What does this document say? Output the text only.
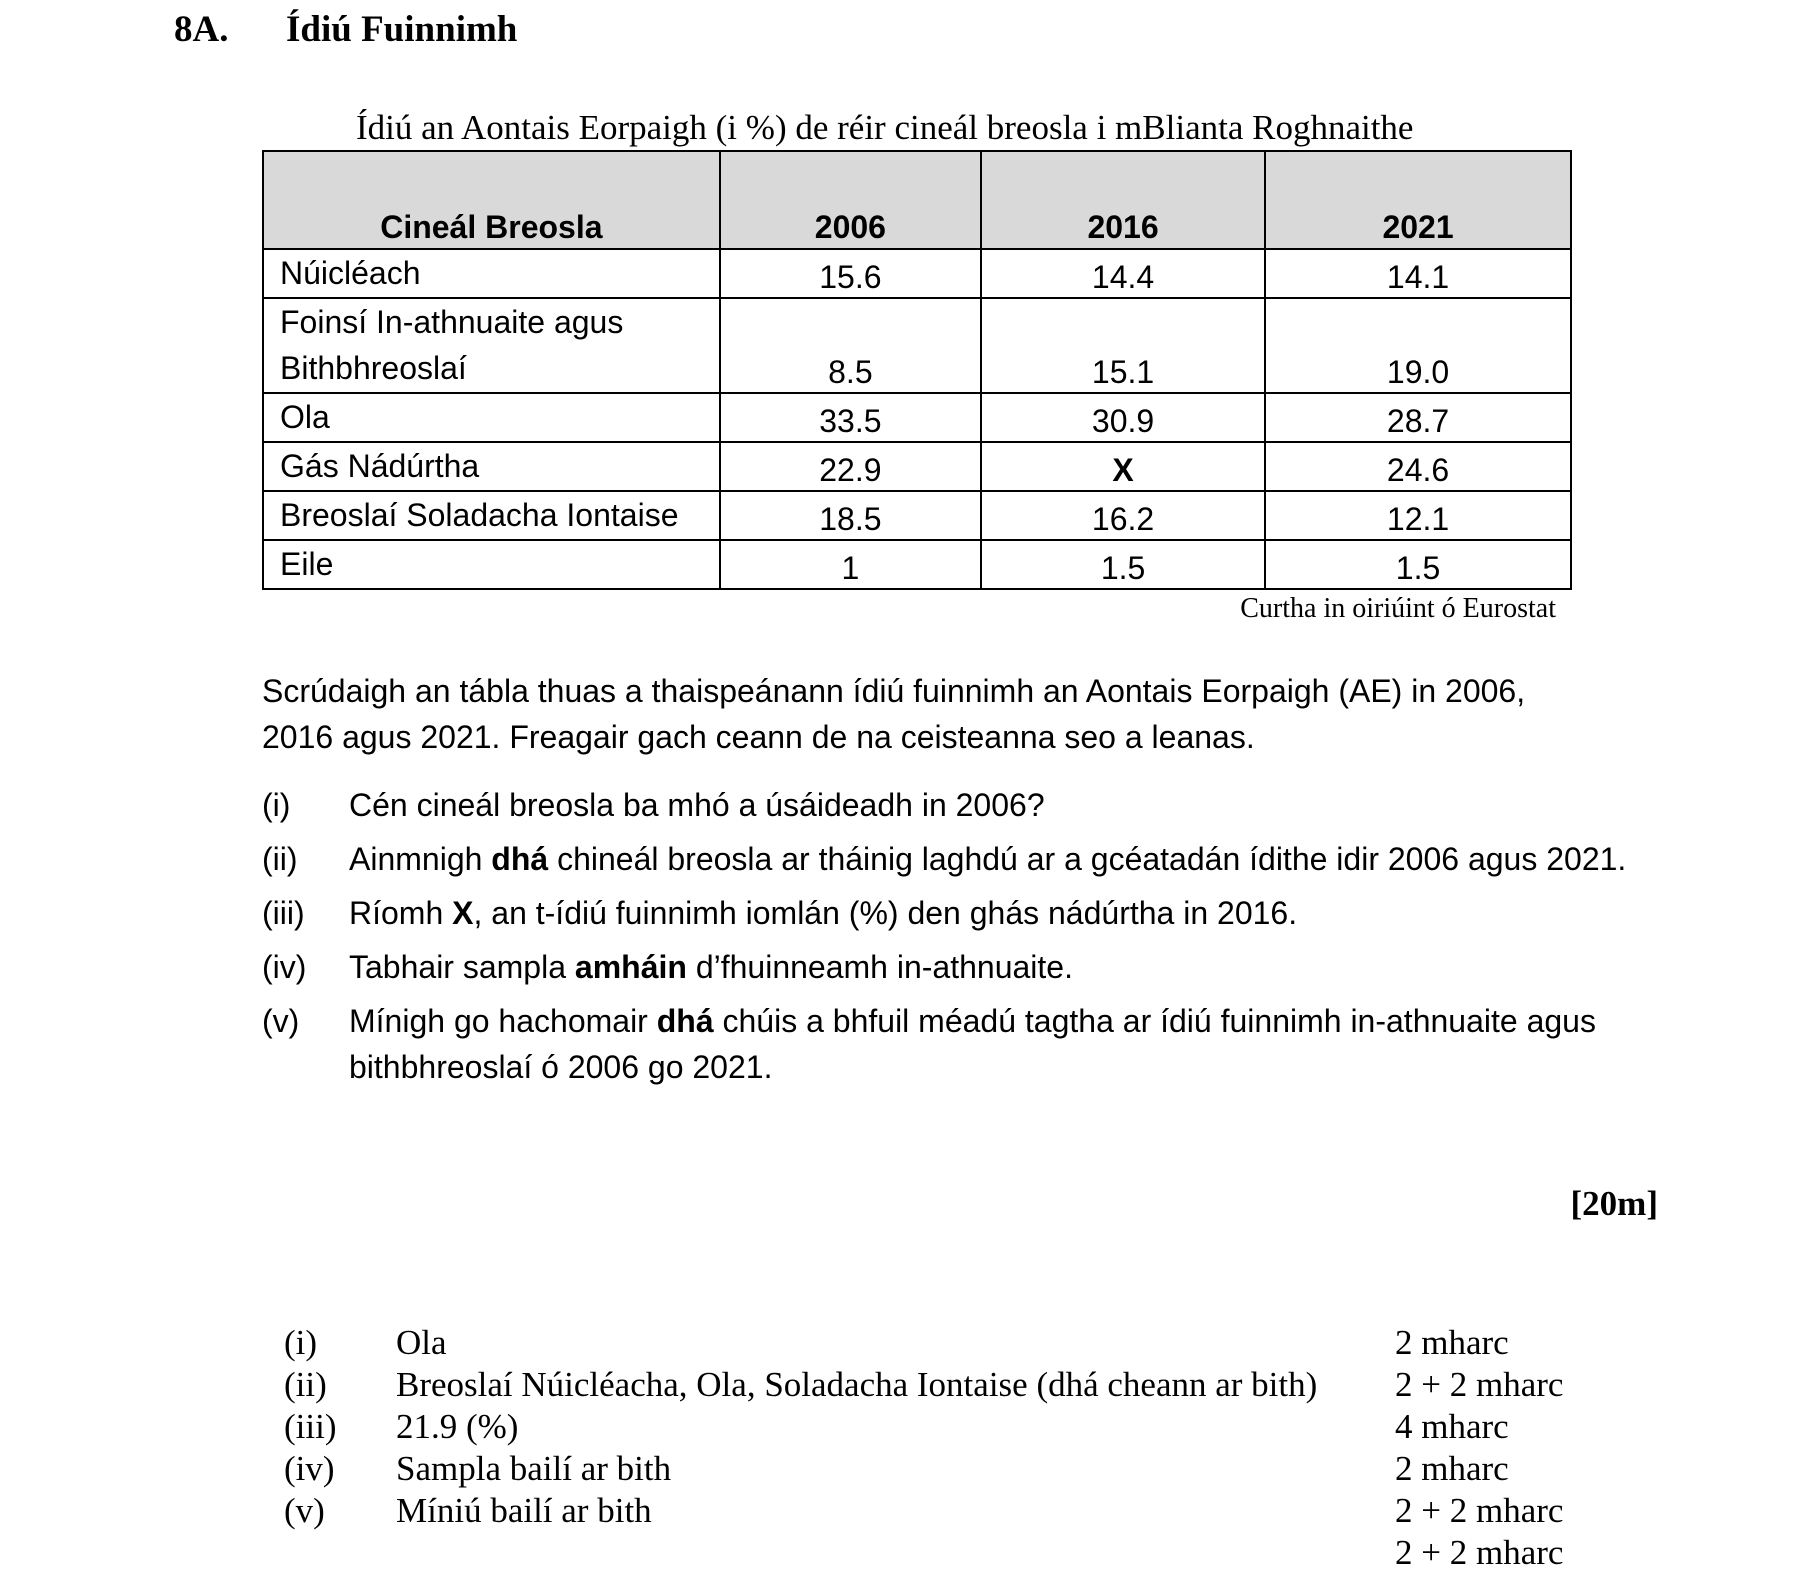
8A. Ídiú Fuinnimh
Ídiú an Aontais Eorpaigh (i %) de réir cineál breosla i mBlianta Roghnaithe
Cineál Breosla	2006	2016	2021
Núicléach	15.6	14.4	14.1

Foinsí In-athnuaite agus
Bithbhreoslaí	8.5	15.1	19.0
Ola	33.5	30.9	28.7
Gás Nádúrtha	22.9	X	24.6
Breoslaí Soladacha Iontaise	18.5	16.2	12.1
Eile	1	1.5	1.5
Curtha in oiriúint ó Eurostat
Scrúdaigh an tábla thuas a thaispeánann ídiú fuinnimh an Aontais Eorpaigh (AE) in 2006,
2016 agus 2021. Freagair gach ceann de na ceisteanna seo a leanas.
(i)	Cén cineál breosla ba mhó a úsáideadh in 2006?
(ii)	Ainmnigh dhá chineál breosla ar tháinig laghdú ar a gcéatadán ídithe idir 2006 agus 2021.
(iii)	Ríomh X, an t-ídiú fuinnimh iomlán (%) den ghás nádúrtha in 2016.
(iv)	Tabhair sampla amháin d’fhuinneamh in-athnuaite.
(v)	Mínigh go hachomair dhá chúis a bhfuil méadú tagtha ar ídiú fuinnimh in-athnuaite agus bithbhreoslaí ó 2006 go 2021.
[20m]
(i) Ola	2 mharc
(ii) Breoslaí Núicléacha, Ola, Soladacha Iontaise (dhá cheann ar bith) 2 + 2 mharc
(iii) 21.9 (%)	4 mharc
(iv) Sampla bailí ar bith	2 mharc
(v) Míniú bailí ar bith	2 + 2 mharc
2 + 2 mharc
